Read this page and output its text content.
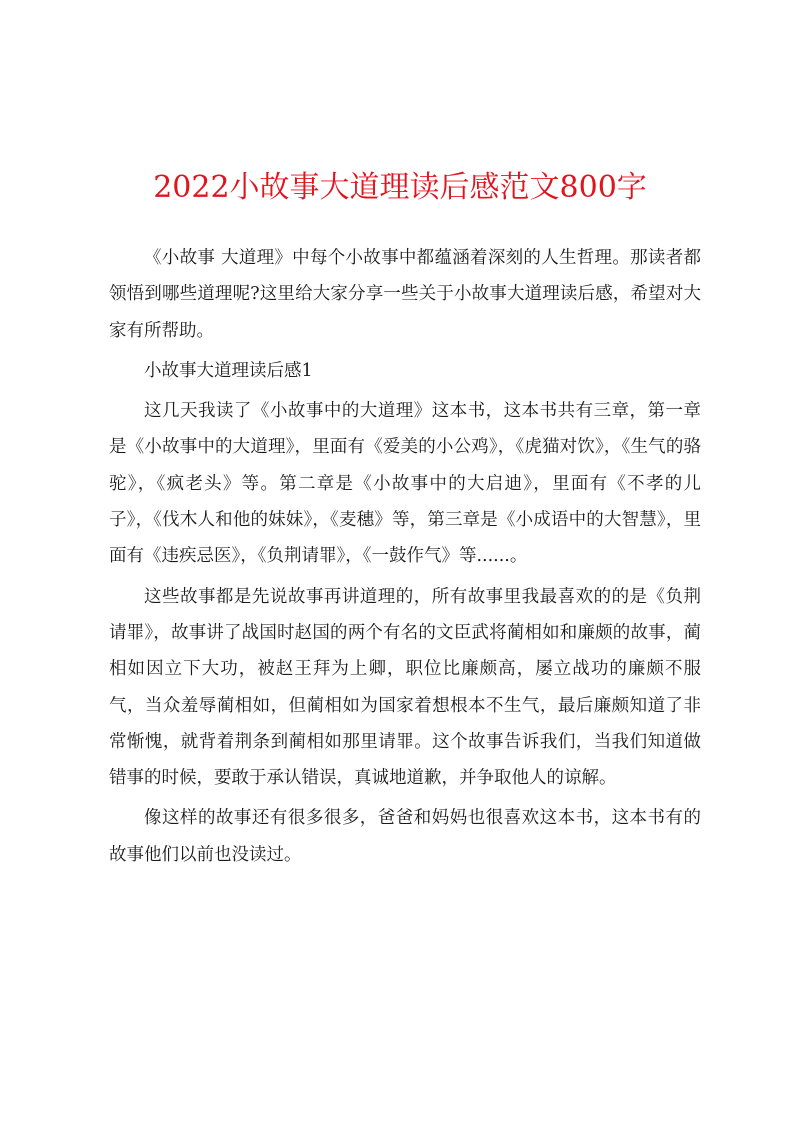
2022小故事大道理读后感范文800字

《小故事 大道理》中每个小故事中都蕴涵着深刻的人生哲理。那读者都领悟到哪些道理呢?这里给大家分享一些关于小故事大道理读后感，希望对大家有所帮助。

小故事大道理读后感1

这几天我读了《小故事中的大道理》这本书，这本书共有三章，第一章是《小故事中的大道理》，里面有《爱美的小公鸡》，《虎猫对饮》，《生气的骆驼》，《疯老头》等。第二章是《小故事中的大启迪》，里面有《不孝的儿子》，《伐木人和他的妹妹》，《麦穗》等，第三章是《小成语中的大智慧》，里面有《违疾忌医》，《负荆请罪》，《一鼓作气》等......。

这些故事都是先说故事再讲道理的，所有故事里我最喜欢的的是《负荆请罪》，故事讲了战国时赵国的两个有名的文臣武将蔺相如和廉颇的故事，蔺相如因立下大功，被赵王拜为上卿，职位比廉颇高，屡立战功的廉颇不服气，当众羞辱蔺相如，但蔺相如为国家着想根本不生气，最后廉颇知道了非常惭愧，就背着荆条到蔺相如那里请罪。这个故事告诉我们，当我们知道做错事的时候，要敢于承认错误，真诚地道歉，并争取他人的谅解。

像这样的故事还有很多很多，爸爸和妈妈也很喜欢这本书，这本书有的故事他们以前也没读过。
